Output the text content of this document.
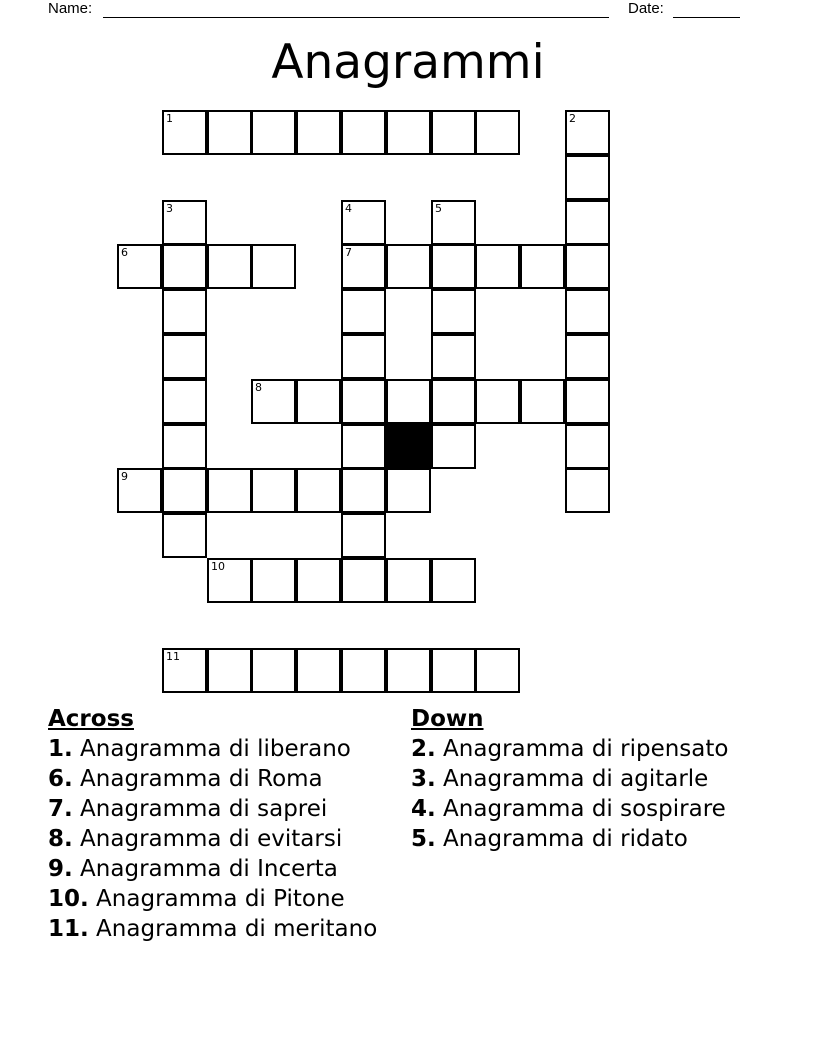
Name:	Date:
Anagrammi
1	2
3	4	5
6	7
8
9
10
11
Across
1. Anagramma di liberano
6. Anagramma di Roma
7. Anagramma di saprei
8. Anagramma di evitarsi
9. Anagramma di Incerta
10. Anagramma di Pitone
11. Anagramma di meritano
Down
2. Anagramma di ripensato
3. Anagramma di agitarle
4. Anagramma di sospirare
5. Anagramma di ridato
